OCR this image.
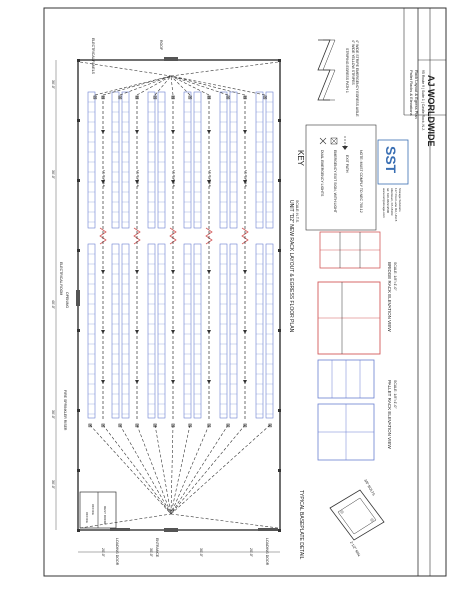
AJ WORLDWIDE
95 Route 9 | Suite 1 | Castle Rock, N.J.
Rack Layout & Egress Plan
Pallet Racks & Elevations
SST
Storage Solutions
117 Post Lane Rd, Unit 8
Allentown, PA 18103
tel: 610-4822-9500
www.sstnjstorage.com
STRIPING EGRESS PATH 1 4" WIDE YELLOW STRIPES 4" WIDE STRIPE EMERGENCY EGRESS AISLE
KEY	DUAL EMERGENCY LIGHTS	EMERGENCY EXIT SIGN, WITH LIGHT EXIT PATH	NOTE: MUST COMPLY TO NEC 700.12
⊠ ⊠	⊠	⊠	⊠	⊠	⊠	⊠	⊠	⊠	⊠
⊠ ⊠	⊠	⊠	⊠	⊠	⊠	⊠	⊠	⊠	⊠
OFFICE	REST ROOM
OFFICE
ELECTRICAL PANELS	ROOF
ELECTRICAL ROOM
OPENING
FIRE SPRINKLER RISER
ENTRANCE
LOADING DOOR	LOADING DOOR
30'-0"
30'-0"
40'-0"
30'-0"
30'-0"
20'-0"	30'-0"	30'-0"	20'-0"
12'-0" AISLE	12'-0" AISLE	12'-0" AISLE	12'-0" AISLE	12'-0" AISLE
UNIT "D2" NEW RACK LAYOUT & EGRESS FLOOR PLAN SCALE: N.T.S.
BRIDGE RACK ELEVATION VIEW SCALE: 1/8"=1'-0"
PALLET RACK ELEVATION VIEW SCALE: 1/8"=1'-0"
TYPICAL BASEPLATE DETAIL
3/8" BOLTS
2-1/2" MIN.
